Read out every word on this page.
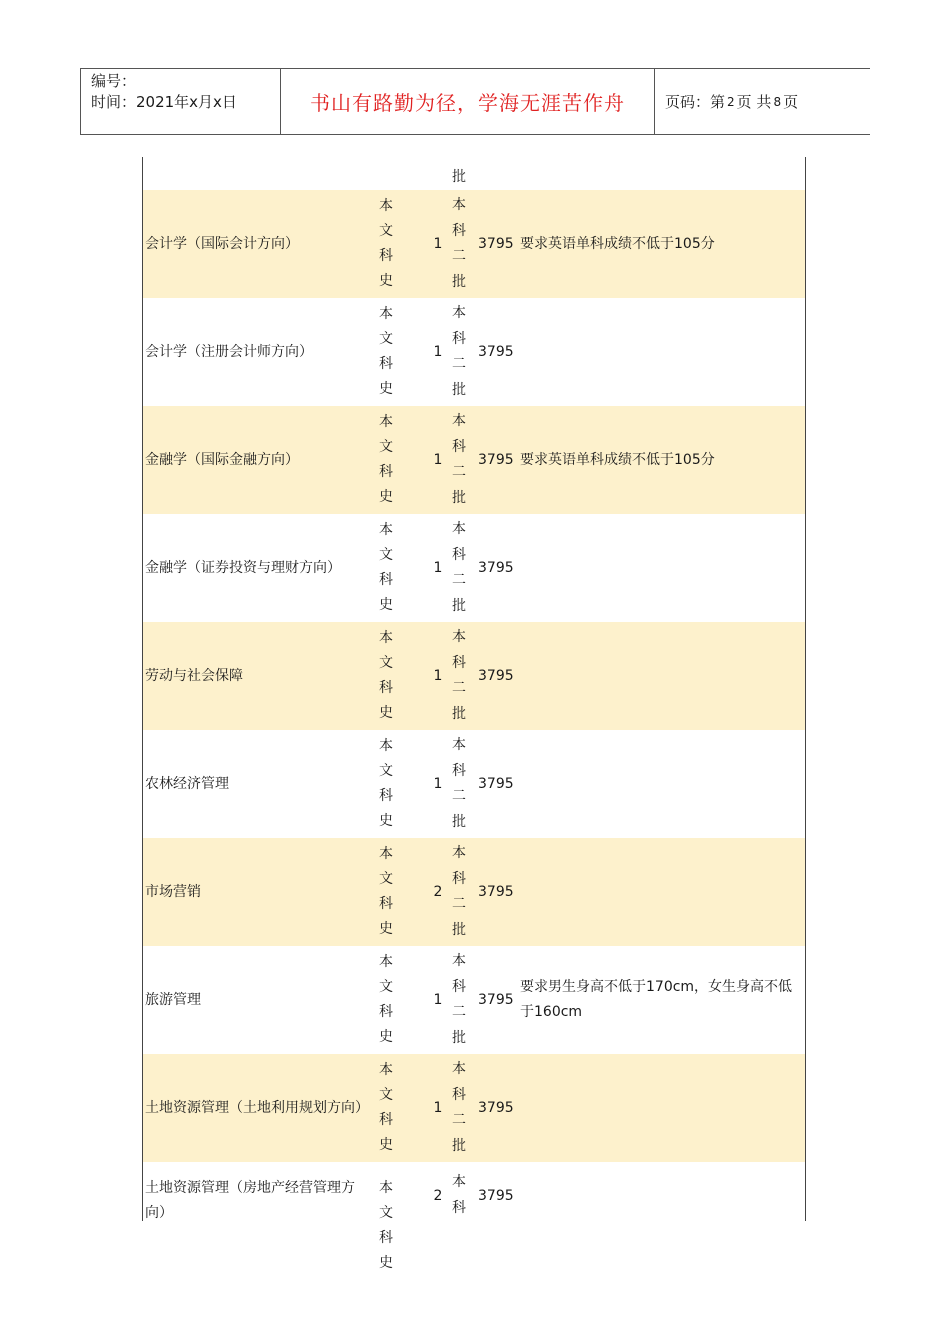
编号：
时间：2021年x月x日	书山有路勤为径，学海无涯苦作舟	页码：第 2 页 共 8 页
批
会计学（国际会计方向）
本 文
科 史
1
本
科
二
批
3795 要求英语单科成绩不低于105分
会计学（注册会计师方向）
本 文
科 史
1
本
科
二
批
3795
金融学（国际金融方向）
本 文
科 史
1
本
科
二
批
3795 要求英语单科成绩不低于105分
金融学（证券投资与理财方向）
本 文
科 史
1
本
科
二
批
3795
劳动与社会保障
本 文
科 史
1
本
科
二
批
3795
农林经济管理
本 文
科 史
1
本
科
二
批
3795
市场营销
本 文
科 史
2
本
科
二
批
3795
旅游管理
本 文
科 史
1
本
科
二
批
3795
要求男生身高不低于170cm，女生身高不低于160cm
土地资源管理（土地利用规划方向）
本 文
科 史
1
本
科
二
批
3795
土地资源管理（房地产经营管理方向）
本 文
科 史
2
本
科
3795
